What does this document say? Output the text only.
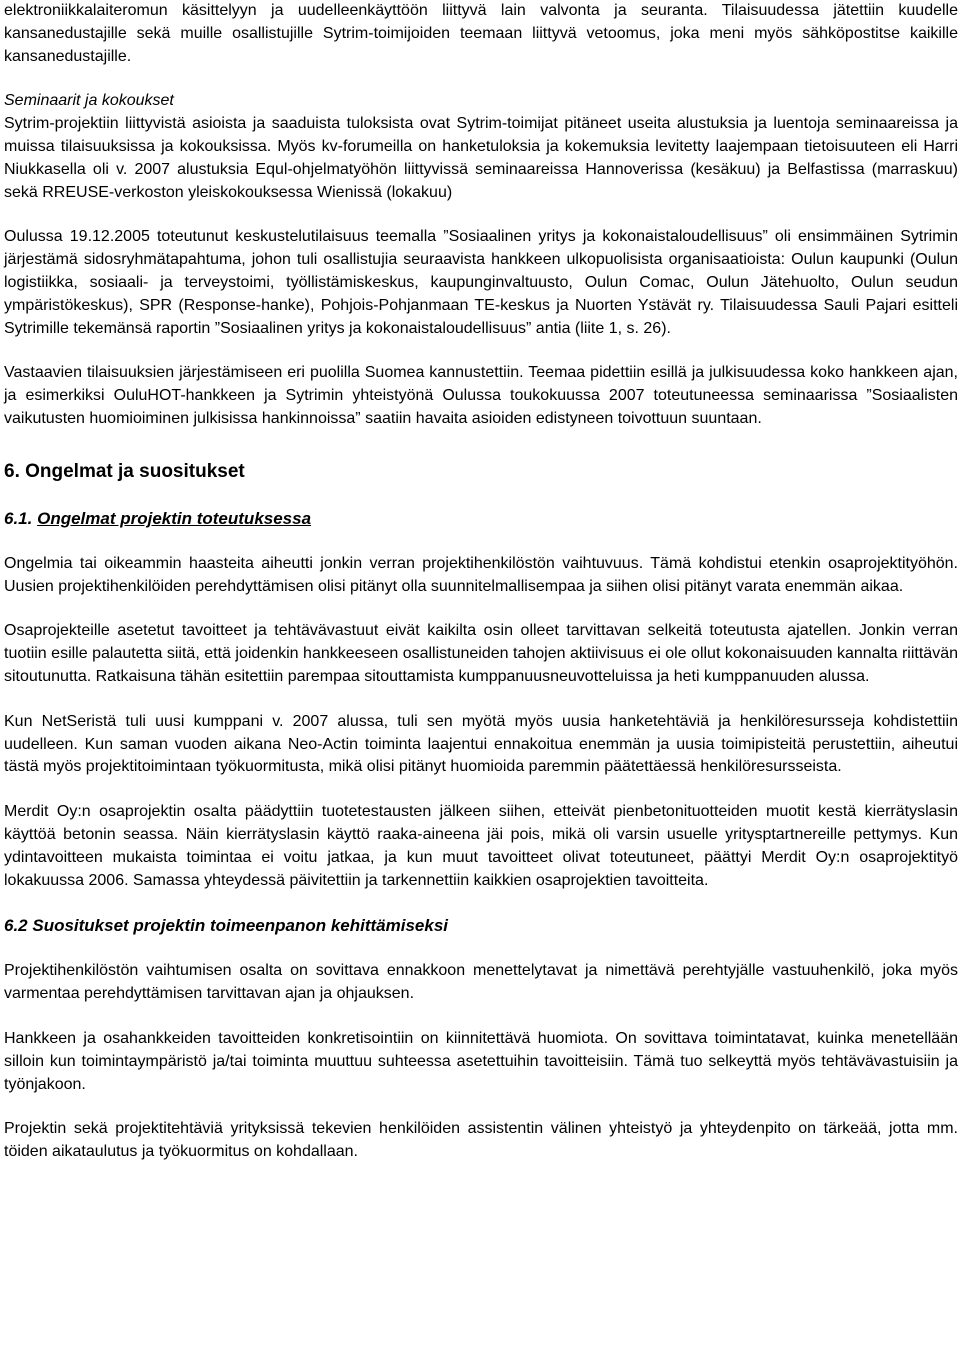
elektroniikkalaiteromun käsittelyyn ja uudelleenkäyttöön liittyvä lain valvonta ja seuranta. Tilaisuudessa jätettiin kuudelle kansanedustajille sekä muille osallistujille Sytrim-toimijoiden teemaan liittyvä vetoomus, joka meni myös sähköpostitse kaikille kansanedustajille.

Seminaarit ja kokoukset

Sytrim-projektiin liittyvistä asioista ja saaduista tuloksista ovat Sytrim-toimijat pitäneet useita alustuksia ja luentoja seminaareissa ja muissa tilaisuuksissa ja kokouksissa. Myös kv-forumeilla on hanketuloksia ja kokemuksia levitetty laajempaan tietoisuuteen eli Harri Niukkasella oli v. 2007 alustuksia Equl-ohjelmatyöhön liittyvissä seminaareissa Hannoverissa (kesäkuu) ja Belfastissa (marraskuu) sekä RREUSE-verkoston yleiskokouksessa Wienissä (lokakuu)

Oulussa 19.12.2005 toteutunut keskustelutilaisuus teemalla ”Sosiaalinen yritys ja kokonaistaloudellisuus” oli ensimmäinen Sytrimin järjestämä sidosryhmätapahtuma, johon tuli osallistujia seuraavista hankkeen ulkopuolisista organisaatioista: Oulun kaupunki (Oulun logistiikka, sosiaali- ja terveystoimi, työllistämiskeskus, kaupunginvaltuusto, Oulun Comac, Oulun Jätehuolto, Oulun seudun ympäristökeskus), SPR (Response-hanke), Pohjois-Pohjanmaan TE-keskus ja Nuorten Ystävät ry. Tilaisuudessa Sauli Pajari esitteli Sytrimille tekemänsä raportin ”Sosiaalinen yritys ja kokonaistaloudellisuus” antia (liite 1, s. 26).

Vastaavien tilaisuuksien järjestämiseen eri puolilla Suomea kannustettiin. Teemaa pidettiin esillä ja julkisuudessa koko hankkeen ajan, ja esimerkiksi OuluHOT-hankkeen ja Sytrimin yhteistyönä Oulussa toukokuussa 2007 toteutuneessa seminaarissa ”Sosiaalisten vaikutusten huomioiminen julkisissa hankinnoissa” saatiin havaita asioiden edistyneen toivottuun suuntaan.

6. Ongelmat ja suositukset

6.1. Ongelmat projektin toteutuksessa

Ongelmia tai oikeammin haasteita aiheutti jonkin verran projektihenkilöstön vaihtuvuus. Tämä kohdistui etenkin osaprojektityöhön. Uusien projektihenkilöiden perehdyttämisen olisi pitänyt olla suunnitelmallisempaa ja siihen olisi pitänyt varata enemmän aikaa.

Osaprojekteille asetetut tavoitteet ja tehtävävastuut eivät kaikilta osin olleet tarvittavan selkeitä toteutusta ajatellen. Jonkin verran tuotiin esille palautetta siitä, että joidenkin hankkeeseen osallistuneiden tahojen aktiivisuus ei ole ollut kokonaisuuden kannalta riittävän sitoutunutta. Ratkaisuna tähän esitettiin parempaa sitouttamista kumppanuusneuvotteluissa ja heti kumppanuuden alussa.

Kun NetSeristä tuli uusi kumppani v. 2007 alussa, tuli sen myötä myös uusia hanketehtäviä ja henkilöresursseja kohdistettiin uudelleen. Kun saman vuoden aikana Neo-Actin toiminta laajentui ennakoitua enemmän ja uusia toimipisteitä perustettiin, aiheutui tästä myös projektitoimintaan työkuormitusta, mikä olisi pitänyt huomioida paremmin päätettäessä henkilöresursseista.

Merdit Oy:n osaprojektin osalta päädyttiin tuotetestausten jälkeen siihen, etteivät pienbetonituotteiden muotit kestä kierrätyslasin käyttöä betonin seassa. Näin kierrätyslasin käyttö raaka-aineena jäi pois, mikä oli varsin usuelle yritysptartnereille pettymys. Kun ydintavoitteen mukaista toimintaa ei voitu jatkaa, ja kun muut tavoitteet olivat toteutuneet, päättyi Merdit Oy:n osaprojektityö lokakuussa 2006. Samassa yhteydessä päivitettiin ja tarkennettiin kaikkien osaprojektien tavoitteita.

6.2 Suositukset projektin toimeenpanon kehittämiseksi

Projektihenkilöstön vaihtumisen osalta on sovittava ennakkoon menettelytavat ja nimettävä perehtyjälle vastuuhenkilö, joka myös varmentaa perehdyttämisen tarvittavan ajan ja ohjauksen.

Hankkeen ja osahankkeiden tavoitteiden konkretisointiin on kiinnitettävä huomiota. On sovittava toimintatavat, kuinka menetellään silloin kun toimintaympäristö ja/tai toiminta muuttuu suhteessa asetettuihin tavoitteisiin. Tämä tuo selkeyttä myös tehtävävastuisiin ja työnjakoon.

Projektin sekä projektitehtäviä yrityksissä tekevien henkilöiden assistentin välinen yhteistyö ja yhteydenpito on tärkeää, jotta mm. töiden aikataulutus ja työkuormitus on kohdallaan.
